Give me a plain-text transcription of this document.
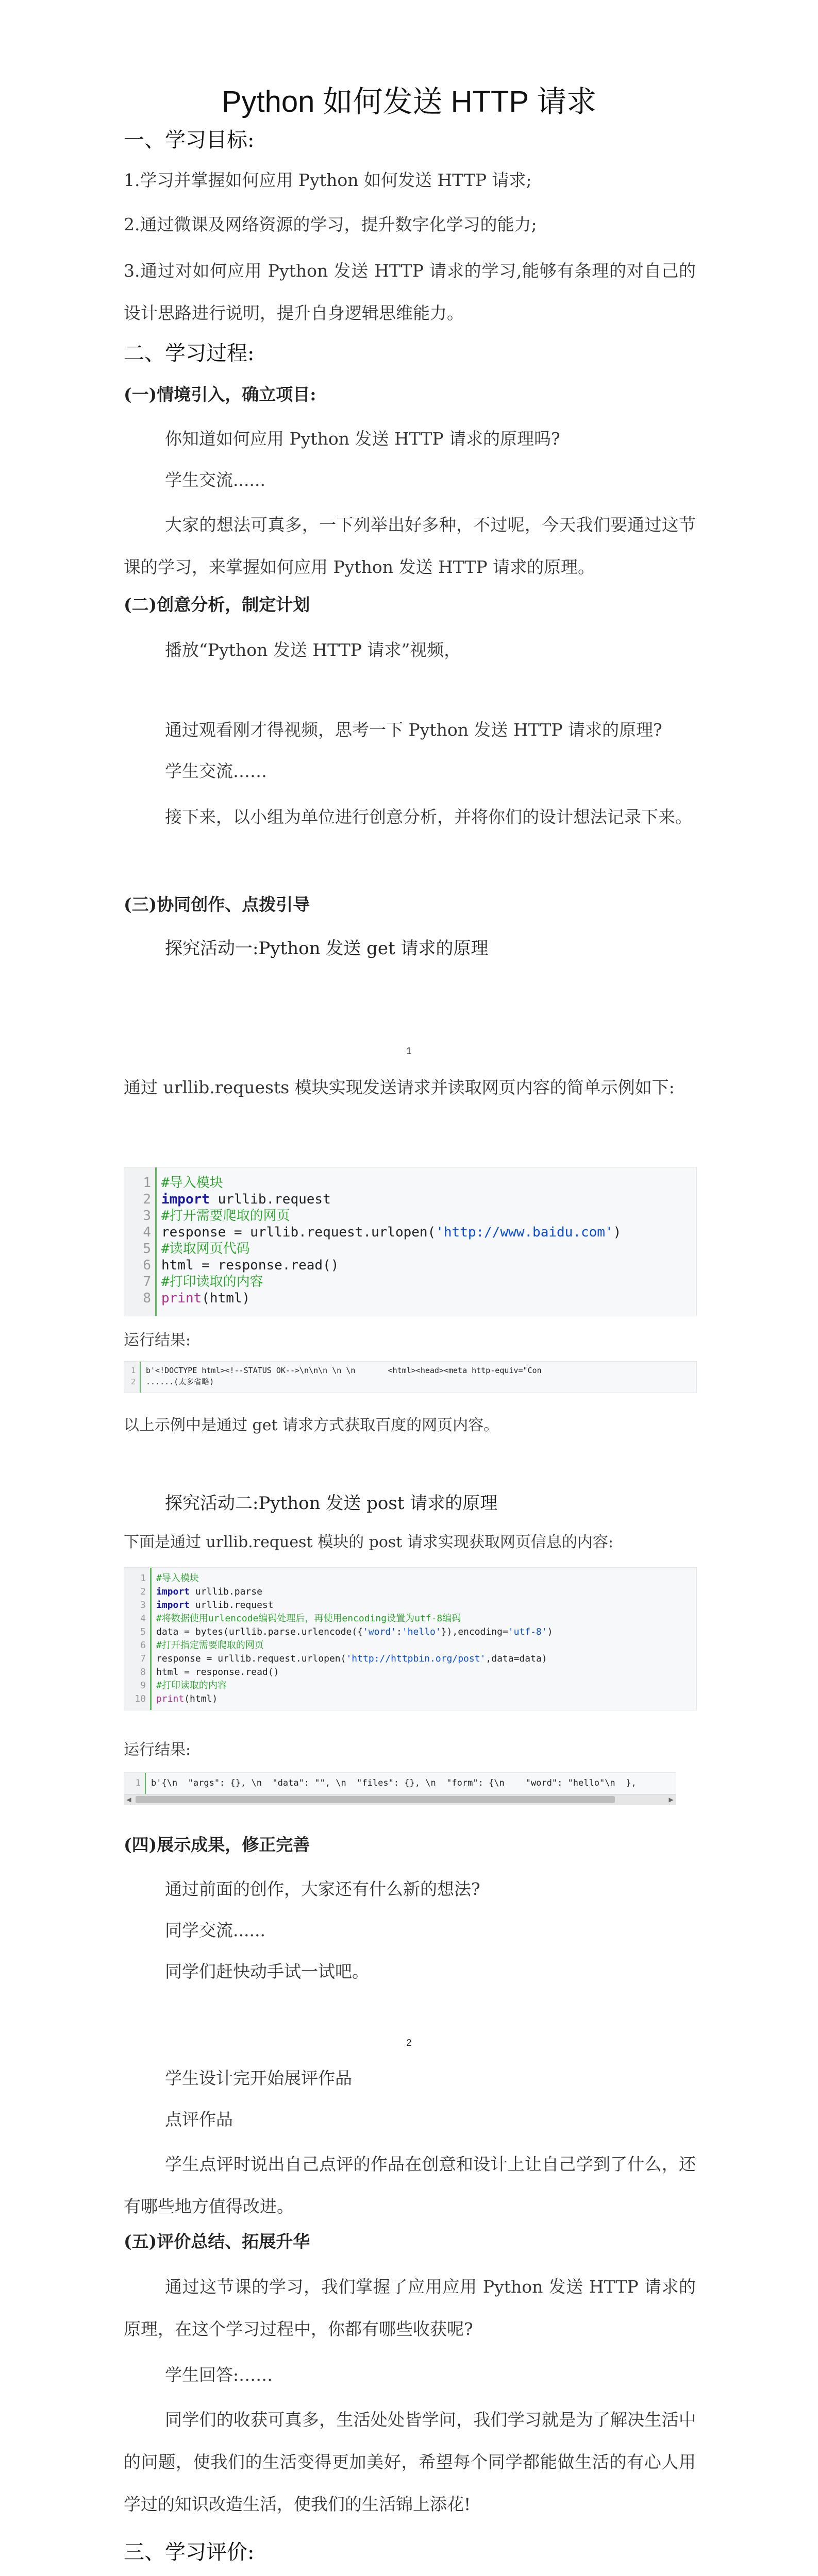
Python 如何发送 HTTP 请求
一、学习目标:
1.学习并掌握如何应用 Python 如何发送 HTTP 请求;
2.通过微课及网络资源的学习，提升数字化学习的能力;
3.通过对如何应用 Python 发送 HTTP 请求的学习,能够有条理的对自己的设计思路进行说明，提升自身逻辑思维能力。
二、学习过程:
(一)情境引入，确立项目:
你知道如何应用 Python 发送 HTTP 请求的原理吗?
学生交流......
大家的想法可真多，一下列举出好多种，不过呢，今天我们要通过这节课的学习，来掌握如何应用 Python 发送 HTTP 请求的原理。
(二)创意分析，制定计划
播放“Python 发送 HTTP 请求”视频，
通过观看刚才得视频，思考一下 Python 发送 HTTP 请求的原理?
学生交流……
接下来，以小组为单位进行创意分析，并将你们的设计想法记录下来。
(三)协同创作、点拨引导
探究活动一:Python 发送 get 请求的原理
1
通过 urllib.requests 模块实现发送请求并读取网页内容的简单示例如下:
1 #导入模块
2 import urllib.request
3 #打开需要爬取的网页
4 response = urllib.request.urlopen('http://www.baidu.com')
5 #读取网页代码
6 html = response.read()
7 #打印读取的内容
8 print(html)
运行结果:
1 b'<!DOCTYPE html><!--STATUS OK-->\n\n\n \n \n       <html><head><meta http-equiv="Con
2 ......(太多省略)
以上示例中是通过 get 请求方式获取百度的网页内容。
探究活动二:Python 发送 post 请求的原理
下面是通过 urllib.request 模块的 post 请求实现获取网页信息的内容:
1 #导入模块
2 import urllib.parse
3 import urllib.request
4 #将数据使用urlencode编码处理后，再使用encoding设置为utf-8编码
5 data = bytes(urllib.parse.urlencode({'word':'hello'}),encoding='utf-8')
6 #打开指定需要爬取的网页
7 response = urllib.request.urlopen('http://httpbin.org/post',data=data)
8 html = response.read()
9 #打印读取的内容
10 print(html)
运行结果:
◀	▶
1 b'{\n  "args": {}, \n  "data": "", \n  "files": {}, \n  "form": {\n    "word": "hello"\n  },
(四)展示成果，修正完善
通过前面的创作，大家还有什么新的想法?
同学交流......
同学们赶快动手试一试吧。
2
学生设计完开始展评作品
点评作品
学生点评时说出自己点评的作品在创意和设计上让自己学到了什么，还有哪些地方值得改进。
(五)评价总结、拓展升华
通过这节课的学习，我们掌握了应用应用 Python 发送 HTTP 请求的原理，在这个学习过程中，你都有哪些收获呢?
学生回答:……
同学们的收获可真多，生活处处皆学问，我们学习就是为了解决生活中的问题，使我们的生活变得更加美好，希望每个同学都能做生活的有心人用学过的知识改造生活，使我们的生活锦上添花!
三、学习评价:
